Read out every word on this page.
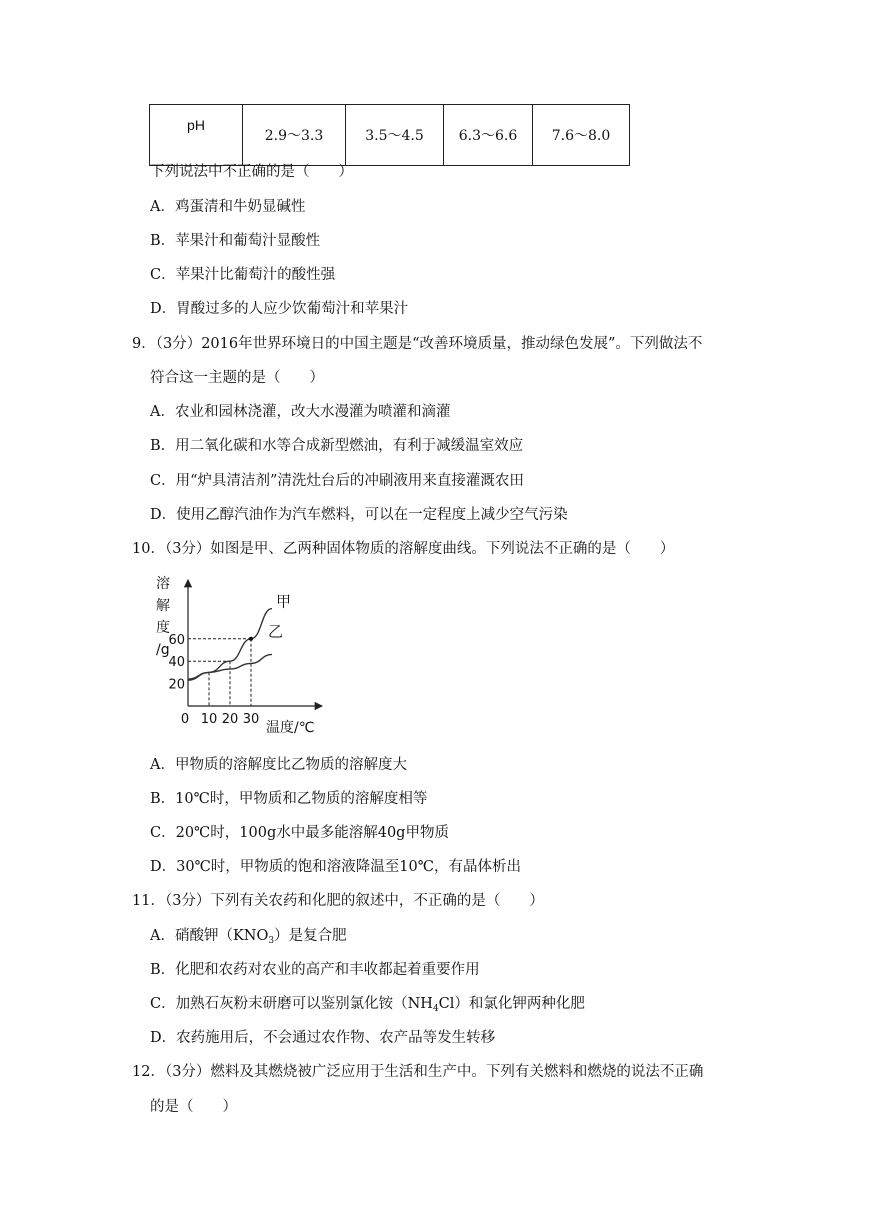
pH	2.9～3.3	3.5～4.5	6.3～6.6	7.6～8.0
下列说法中不正确的是（　　）
A．鸡蛋清和牛奶显碱性
B．苹果汁和葡萄汁显酸性
C．苹果汁比葡萄汁的酸性强
D．胃酸过多的人应少饮葡萄汁和苹果汁
9．（3分）2016年世界环境日的中国主题是“改善环境质量，推动绿色发展”。下列做法不
符合这一主题的是（　　）
A．农业和园林浇灌，改大水漫灌为喷灌和滴灌
B．用二氧化碳和水等合成新型燃油，有利于减缓温室效应
C．用“炉具清洁剂”清洗灶台后的冲刷液用来直接灌溉农田
D．使用乙醇汽油作为汽车燃料，可以在一定程度上减少空气污染
10．（3分）如图是甲、乙两种固体物质的溶解度曲线。下列说法不正确的是（　　）
甲
乙
溶
解
度
/g
20
40
60
0 10 20 30
温度/℃
A．甲物质的溶解度比乙物质的溶解度大
B．10℃时，甲物质和乙物质的溶解度相等
C．20℃时，100g水中最多能溶解40g甲物质
D．30℃时，甲物质的饱和溶液降温至10℃，有晶体析出
11．（3分）下列有关农药和化肥的叙述中，不正确的是（　　）
A．硝酸钾$(KNO_3)$是复合肥
B．化肥和农药对农业的高产和丰收都起着重要作用
C．加熟石灰粉末研磨可以鉴别氯化铵$(NH_4Cl)$和氯化钾两种化肥
D．农药施用后，不会通过农作物、农产品等发生转移
12．（3分）燃料及其燃烧被广泛应用于生活和生产中。下列有关燃料和燃烧的说法不正确
的是（　　）
